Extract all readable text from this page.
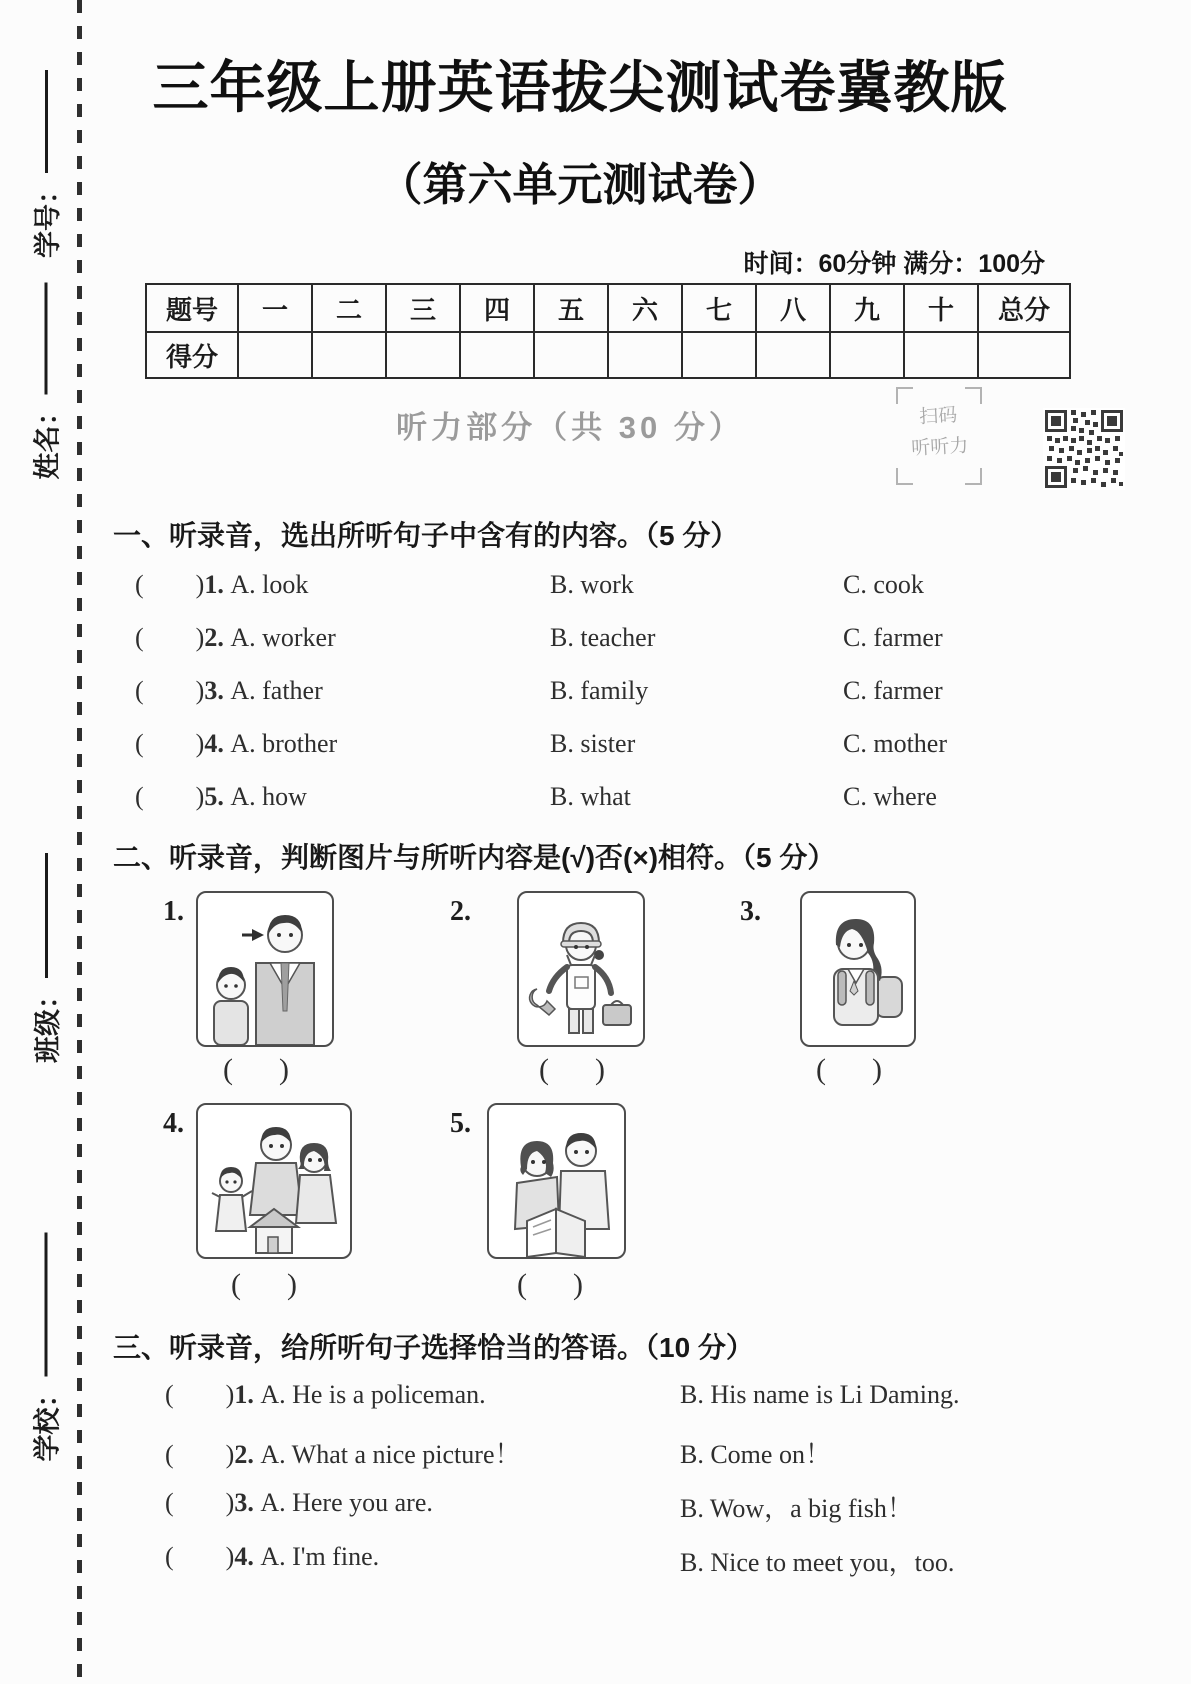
学号：
姓名：
班级：
学校：
三年级上册英语拔尖测试卷冀教版
（第六单元测试卷）
时间：60分钟 满分：100分
题号	一	二	三	四	五	六	七	八	九	十	总分
得分											
听力部分（共 30 分）	扫码
听听力
一、听录音，选出所听句子中含有的内容。（5 分）
( )1. A. look	B. work	C. cook
( )2. A. worker	B. teacher	C. farmer
( )3. A. father	B. family	C. farmer
( )4. A. brother	B. sister	C. mother
( )5. A. how	B. what	C. where
二、听录音，判断图片与所听内容是(√)否(×)相符。（5 分）
1.	2.	3.
( )	( )	( )
4.	5.
( )	( )
三、听录音，给所听句子选择恰当的答语。（10 分）
( )1. A. He is a policeman.	B. His name is Li Daming.
( )2. A. What a nice picture！	B. Come on！
( )3. A. Here you are.	B. Wow，a big fish！
( )4. A. I'm fine.	B. Nice to meet you，too.
